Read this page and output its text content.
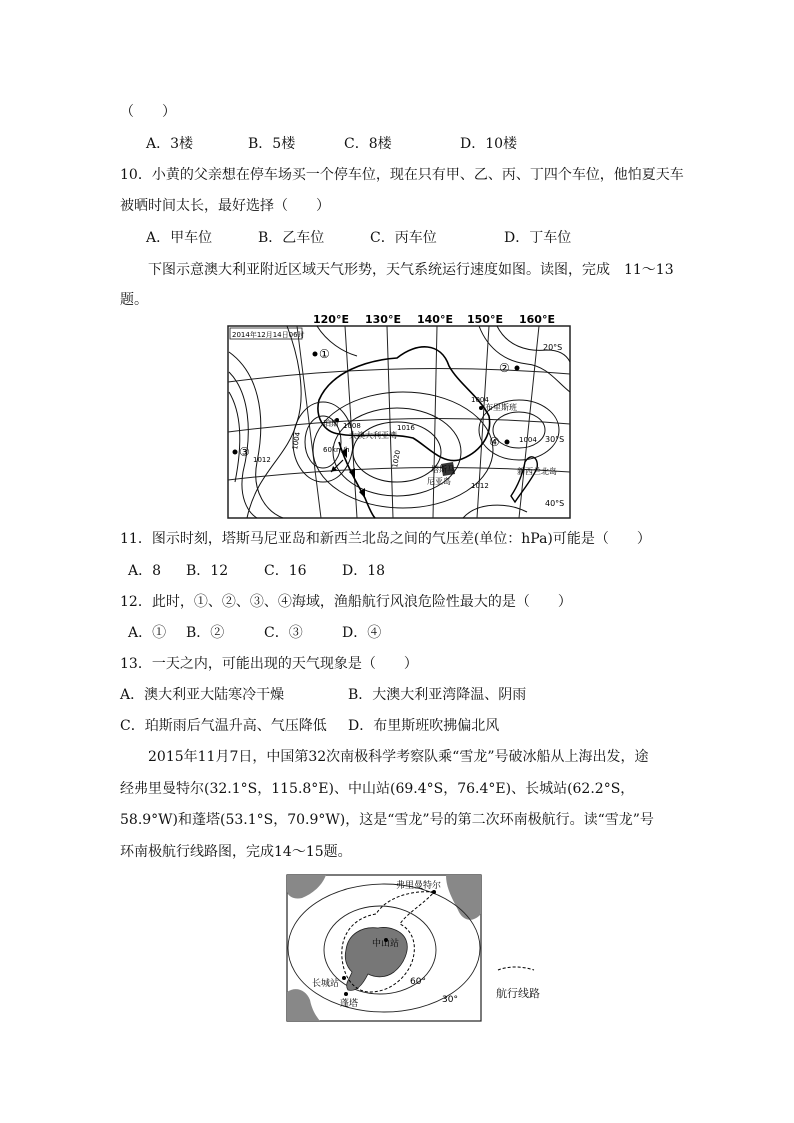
（　　）
A．3楼	B．5楼	C．8楼	D．10楼
10．小黄的父亲想在停车场买一个停车位，现在只有甲、乙、丙、丁四个车位，他怕夏天车
被晒时间太长，最好选择（　　）
A．甲车位	B．乙车位	C．丙车位	D．丁车位
下图示意澳大利亚附近区域天气形势，天气系统运行速度如图。读图，完成　11～13
题。
120°E 130°E 140°E 150°E 160°E
2014年12月14日06时
①
②
③
④
珀斯
大澳大利亚湾
布里斯班
塔斯马
尼亚岛
新西兰北岛
1004
1004
1004
1008
1012
1016
1020
1012
60km/h
20°S
30°S
40°S
11．图示时刻，塔斯马尼亚岛和新西兰北岛之间的气压差(单位：hPa)可能是（　　）
A．8 B．12	C．16	D．18
12．此时，①、②、③、④海域，渔船航行风浪危险性最大的是（　　）
A．① B．②	C．③	D．④
13．一天之内，可能出现的天气现象是（　　）
A．澳大利亚大陆寒冷干燥	B．大澳大利亚湾降温、阴雨
C．珀斯雨后气温升高、气压降低 D．布里斯班吹拂偏北风
2015年11月7日，中国第32次南极科学考察队乘“雪龙”号破冰船从上海出发，途
经弗里曼特尔(32.1°S，115.8°E)、中山站(69.4°S，76.4°E)、长城站(62.2°S，
58.9°W)和蓬塔(53.1°S，70.9°W)，这是“雪龙”号的第二次环南极航行。读“雪龙”号
环南极航行线路图，完成14～15题。
弗里曼特尔
中山站
长城站
蓬塔
60°
30°	航行线路
